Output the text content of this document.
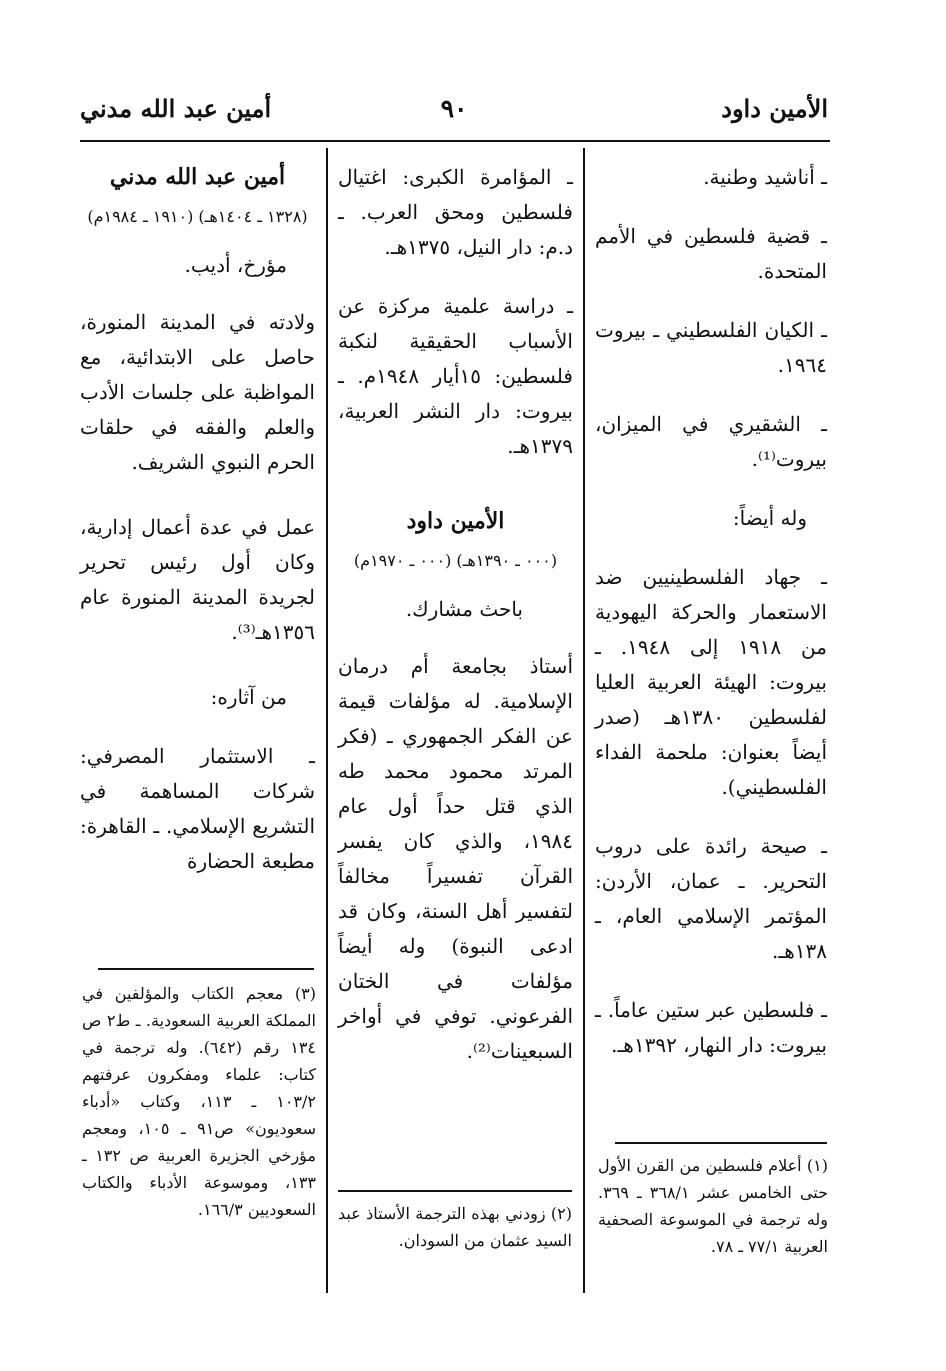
الأمين داود
٩٠
أمين عبد الله مدني

ـ أناشيد وطنية.

ـ قضية فلسطين في الأمم المتحدة.

ـ الكيان الفلسطيني ـ بيروت ١٩٦٤.

ـ الشقيري في الميزان، بيروت⁽¹⁾.

وله أيضاً:

ـ جهاد الفلسطينيين ضد الاستعمار والحركة اليهودية من ١٩١٨ إلى ١٩٤٨. ـ بيروت: الهيئة العربية العليا لفلسطين ١٣٨٠هـ (صدر أيضاً بعنوان: ملحمة الفداء الفلسطيني).

ـ صيحة رائدة على دروب التحرير. ـ عمان، الأردن: المؤتمر الإسلامي العام، ـ ١٣٨هـ.

ـ فلسطين عبر ستين عاماً. ـ بيروت: دار النهار، ١٣٩٢هـ.

(١) أعلام فلسطين من القرن الأول حتى الخامس عشر ٣٦٨/١ ـ ٣٦٩. وله ترجمة في الموسوعة الصحفية العربية ٧٧/١ ـ ٧٨.

ـ المؤامرة الكبرى: اغتيال فلسطين ومحق العرب. ـ د.م: دار النيل، ١٣٧٥هـ.

ـ دراسة علمية مركزة عن الأسباب الحقيقية لنكبة فلسطين: ١٥أيار ١٩٤٨م. ـ بيروت: دار النشر العربية، ١٣٧٩هـ.

الأمين داود

(٠٠٠ ـ ١٣٩٠هـ) (٠٠٠ ـ ١٩٧٠م)

باحث مشارك.

أستاذ بجامعة أم درمان الإسلامية. له مؤلفات قيمة عن الفكر الجمهوري ـ (فكر المرتد محمود محمد طه الذي قتل حداً أول عام ١٩٨٤، والذي كان يفسر القرآن تفسيراً مخالفاً لتفسير أهل السنة، وكان قد ادعى النبوة) وله أيضاً مؤلفات في الختان الفرعوني. توفي في أواخر السبعينات⁽²⁾.

(٢) زودني بهذه الترجمة الأستاذ عبد السيد عثمان من السودان.

أمين عبد الله مدني

(١٣٢٨ ـ ١٤٠٤هـ) (١٩١٠ ـ ١٩٨٤م)

مؤرخ، أديب.

ولادته في المدينة المنورة، حاصل على الابتدائية، مع المواظبة على جلسات الأدب والعلم والفقه في حلقات الحرم النبوي الشريف.

عمل في عدة أعمال إدارية، وكان أول رئيس تحرير لجريدة المدينة المنورة عام ١٣٥٦هـ⁽³⁾.

من آثاره:

ـ الاستثمار المصرفي: شركات المساهمة في التشريع الإسلامي. ـ القاهرة: مطبعة الحضارة

(٣) معجم الكتاب والمؤلفين في المملكة العربية السعودية. ـ ط٢ ص ١٣٤ رقم (٦٤٢). وله ترجمة في كتاب: علماء ومفكرون عرفتهم ١٠٣/٢ ـ ١١٣، وكتاب «أدباء سعوديون» ص٩١ ـ ١٠٥، ومعجم مؤرخي الجزيرة العربية ص ١٣٢ ـ ١٣٣، وموسوعة الأدباء والكتاب السعوديين ١٦٦/٣.
